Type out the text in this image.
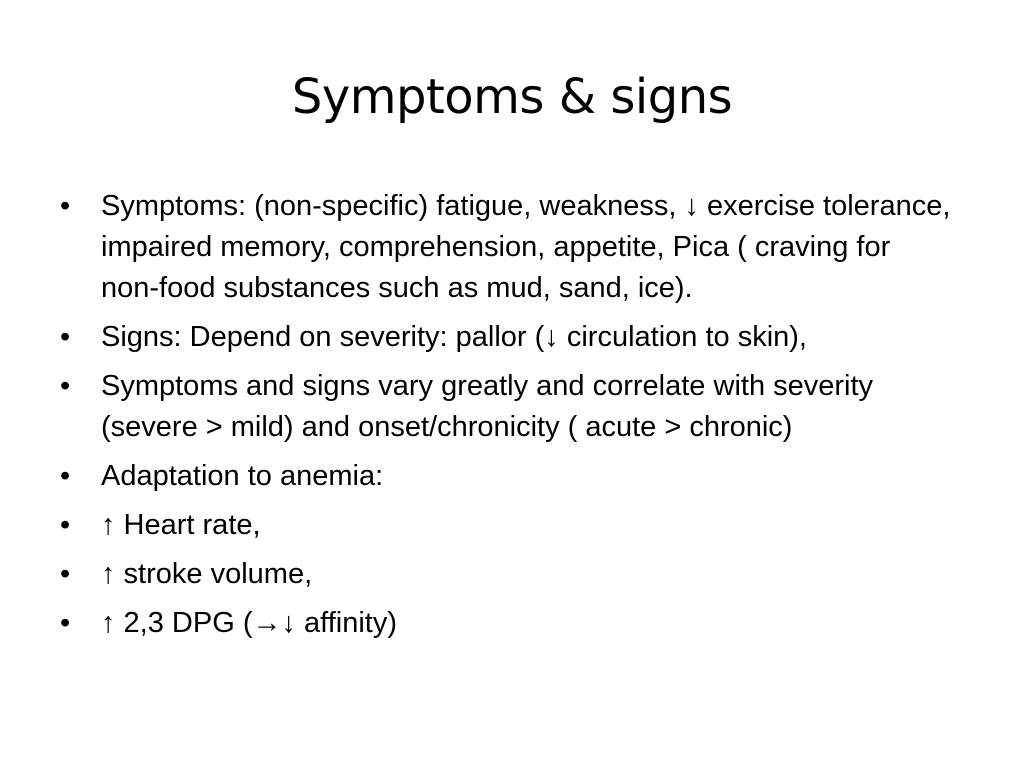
Symptoms & signs
• Symptoms: (non-specific) fatigue, weakness, ↓ exercise tolerance, impaired memory, comprehension, appetite, Pica ( craving for non-food substances such as mud, sand, ice).
• Signs: Depend on severity: pallor (↓ circulation to skin),
• Symptoms and signs vary greatly and correlate with severity (severe > mild) and onset/chronicity ( acute > chronic)
• Adaptation to anemia:
• ↑ Heart rate,
• ↑ stroke volume,
• ↑ 2,3 DPG (→↓ affinity)
